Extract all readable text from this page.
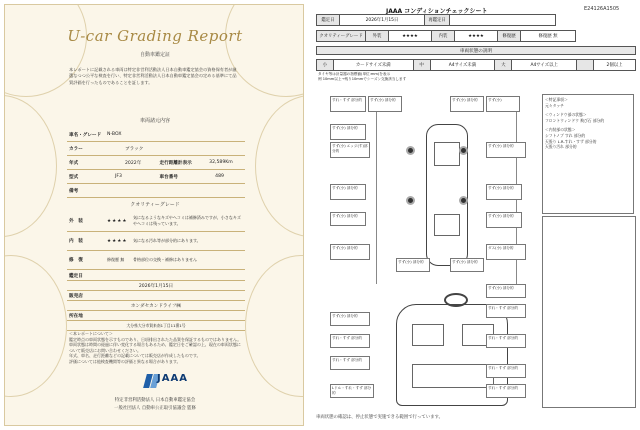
U-car Grading Report
自動車鑑定証
本レポートに記載される車両は特定非営利活動法人日本自動車鑑定協会の資格保有者が厳選なつつ公平な検査を行い、特定非営利活動法人日本自動車鑑定協会の定める基準にて品質評価を行ったものであることを証します。
車両諸元内容
車名・グレード	N-BOX		
カラー	ブラック		
年式	2022年	走行距離計表示	32,589Km
型式	JF3	車台番号	489
備考			
クオリティーグレード
外　装	★★★★	気になるようなキズやヘコミは補修済みですが、小さなキズやヘコミは残っています。
内　装	★★★★	気になる汚れ等が部分的にあります。
修　復	修復歴 無	骨格部位の交換・補修はありません
鑑定日	
2026年1月15日	
販売店	
ホンダセカンドライフ㈱	
所在地	
大分県大分市賀来南1丁目11番1号	
＜本レポートについて＞
鑑定時点の車両状態を示すものであり、日頃排出されたた品質を保証するものではありません。
車両状態は時間の経過に伴い変化する場合もあるため、鑑定日をご確認の上、現在の車両状態について販売店にお問い合わせください。
年式、車名、走行距離などの記載については販売店が作成したものです。
評価については他検査機関等の評価と異なる場合があります。
JAAA
特定非営利活動法人 日本自動車鑑定協会
一般社団法人 自動車公正取引協議会 監修
JAAA コンディションチェックシート	E24126A1505
鑑定日	2026年1月15日	再鑑定日	
クオリティーグレード	外装	★★★★	内装	★★★★	修復歴	修復歴 無
車両状態の説明
小	カードサイズ未満	中	A4サイズ未満	大	A4サイズ以上		2個以上
タイヤ等は計量器の指標値(単位:mm)を表示
例 10mm以上→残り10mmでシーズン交換該当します
すれ・すず 部分的	すず(小) 部分的	すず(小) 部分的	すず(小)
すず(小) 部分的
すず(小) エッジ(す)部分的
すず(小) 部分的
すず(小) 部分的
すず(小) 部分的
すず(小) 部分的
すず(小) 部分的
すず(小) 部分的	ダス(小) 部分的
すず(小) 部分的	すず(小) 部分的
すず(小) 部分的
すず(小) 部分的
すれ・すず 部分的
すれ・すず 部分的
すれ・すず 部分的
すれ・すず 部分的
Lドル・すれ・すず 部分的
すれ・すず 部分的
すれ・すず 部分的
＜特記事項＞
元々タッチ
＜ウィンドウ部の状態＞
フロントウィンドウ 飛び石 部分的
＜内装部の状態＞
シフトノブ すれ 部分的
天張り L.R-すれ・すず 部分的
天張り汚れ 部分的
車両状態の確認は、停止状態で実施できる範囲で行っています。
